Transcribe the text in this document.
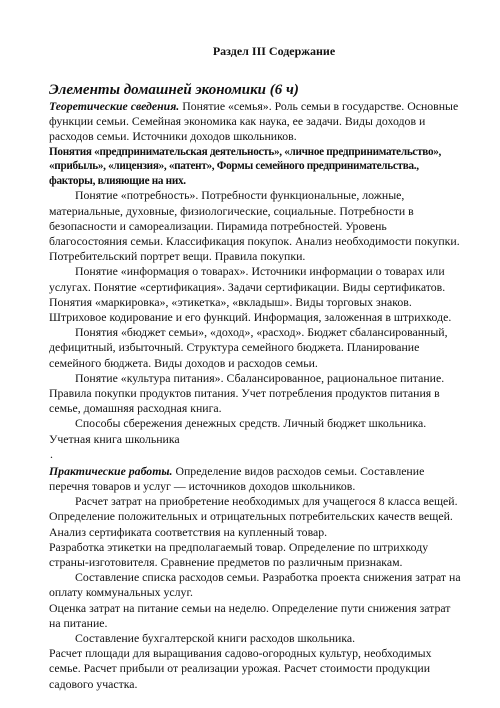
Раздел III Содержание
Элементы домашней экономики (6 ч)

Теоретические сведения. Понятие «семья». Роль семьи в государстве. Основные функции семьи. Семейная экономика как наука, ее задачи. Виды доходов и расходов семьи. Источники доходов школьников.

Понятия «предпринимательская деятельность», «личное предпринимательство», «прибыль», «лицензия», «патент», Формы семейного предпринимательства., факторы, влияющие на них.

Понятие «потребность». Потребности функциональные, ложные, материальные, духовные, физиологические, социальные. Потребности в безопасности и самореализации. Пирамида потребностей. Уровень благосостояния семьи. Классификация покупок. Анализ необходимости покупки. Потребительский портрет вещи. Правила покупки.

Понятие «информация о товарах». Источники информации о товарах или услугах. Понятие «сертификация». Задачи сертификации. Виды сертификатов. Понятия «маркировка», «этикетка», «вкладыш». Виды торговых знаков. Штриховое кодирование и его функций. Информация, заложенная в штрихкоде.

Понятия «бюджет семьи», «доход», «расход». Бюджет сбалансированный, дефицитный, избыточный. Структура семейного бюджета. Планирование семейного бюджета. Виды доходов и расходов семьи.

Понятие «культура питания». Сбалансированное, рациональное питание. Правила покупки продуктов питания. Учет потребления продуктов питания в семье, домашняя расходная книга.

Способы сбережения денежных средств. Личный бюджет школьника. Учетная книга школьника

.

Практические работы. Определение видов расходов семьи. Составление перечня товаров и услуг — источников доходов школьников.

Расчет затрат на приобретение необходимых для учащегося 8 класса вещей. Определение положительных и отрицательных потребительских качеств вещей. Анализ сертификата соответствия на купленный товар.

Разработка этикетки на предполагаемый товар. Определение по штрихкоду страны-изготовителя. Сравнение предметов по различным признакам.

Составление списка расходов семьи. Разработка проекта снижения затрат на оплату коммунальных услуг.

Оценка затрат на питание семьи на неделю. Определение пути снижения затрат на питание.

Составление бухгалтерской книги расходов школьника.

Расчет площади для выращивания садово-огородных культур, необходимых семье. Расчет прибыли от реализации урожая. Расчет стоимости продукции садового участка.
